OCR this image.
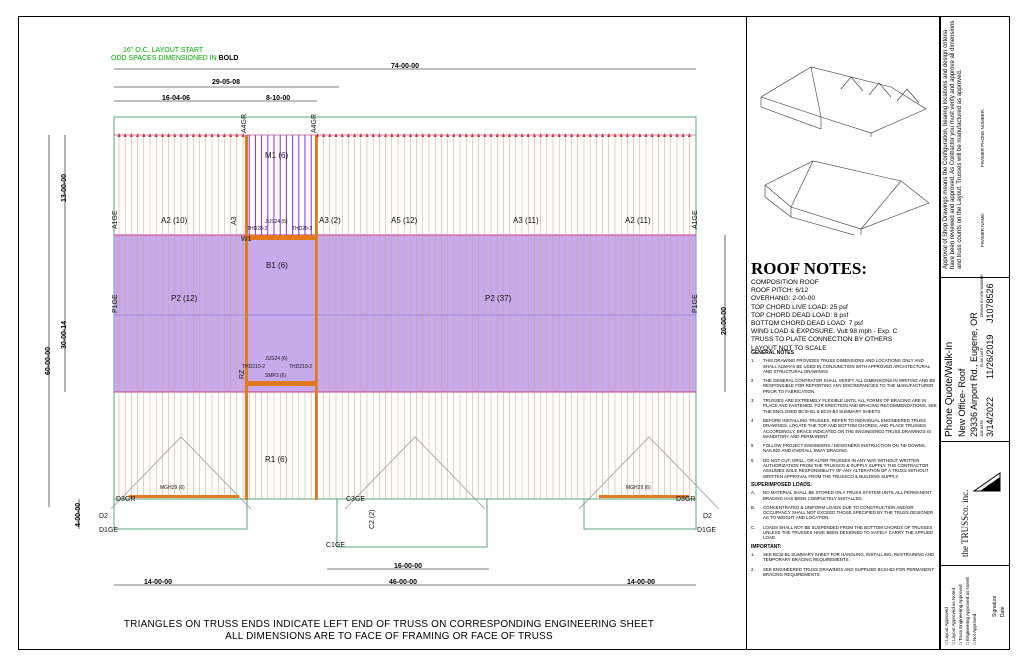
16" O.C. LAYOUT START
ODD SPACES DIMENSIONED IN BOLD
74-00-00
29-05-08
16-04-06	8-10-00
60-00-00
13-00-00
30-00-14
4-00-00
20-00-00
14-00-00	46-00-00	14-00-00
16-00-00
A1GE	A1GE
A4GR	A4GR
M1 (6)
A2 (10)	A3	A3 (2)	A5 (12)	A3 (11)	A2 (11)
JUS24 (6)
THD28-2	THD28-2
W1
B1 (6)
P1GE	P1GE
P2 (12)	P2 (37)
JUS24 (6)
THD210-2	THD210-2
SMP3 (6)
RZ
R1 (6)
MGH29 (6)	MGH29 (6)
D3GR	D3GR
D2	D2
D1GE	D1GE
C3GE
C2 (2)
C1GE
TRIANGLES ON TRUSS ENDS INDICATE LEFT END OF TRUSS ON CORRESPONDING ENGINEERING SHEET
ALL DIMENSIONS ARE TO FACE OF FRAMING OR FACE OF TRUSS
ROOF NOTES:
COMPOSITION ROOF
ROOF PITCH: 6/12
OVERHANG: 2-00-00
TOP CHORD LIVE LOAD: 25 psf
TOP CHORD DEAD LOAD: 8 psf
BOTTOM CHORD DEAD LOAD: 7 psf
WIND LOAD & EXPOSURE: Vult 98 mph - Exp. C
TRUSS TO PLATE CONNECTION BY OTHERS
LAYOUT NOT TO SCALE
GENERAL NOTES
1	THIS DRAWING PROVIDES TRUSS DIMENSIONS AND LOCATIONS ONLY AND SHALL ALWAYS BE USED IN CONJUNCTION WITH APPROVED ARCHITECTURAL AND STRUCTURAL DRAWINGS
2	THE GENERAL CONTRATOR SHALL VERIFY ALL DIMENSIONS IN WRITING AND BE RESPONSIBLE FOR REPORTING ANY DISCREPANCIES TO THE MANUFACTURER PRIOR TO FABRICATION.
3	TRUSSES ARE EXTREMELY FLEXIBLE UNTIL ALL FORMS OF BRACING ARE IN PLACE AND FASTENED. FOR ERECTION AND BRACING RECOMMENDATIONS, SEE THE ENCLOSED BCSI-B1 & BCSI-B3 SUMMARY SHEETS.
4	BEFORE INSTALLING TRUSSES, REFER TO INDIVIDUAL ENGINEERED TRUSS DRAWINGS. LOCATE THE TOP AND BOTTOM CHORDS, AND PLACE TRUSSES ACCORDINGLY. BRACE INDICATED ON THE ENGINEERED TRUSS DRAWINGS IS MANDITORY AND PERMANENT.
5	FOLLOW PROJECT ENGINEERS / DESIGNERS INSTRUCTION ON TIE DOWNS, NAILING AND OVERALL SWAY BRACING.
6	DO NOT CUT, DRILL, OR ALTER TRUSSES IN ANY WAY WITHOUT WRITTEN AUTHORIZATION FROM THE TRUSSCO & SUPPLY SUPPLY. THE CONTRACTOR ASSUMES SOLE RESPONSIBILITY OF ANY ALTERATION OF A TRUSS WITHOUT WRITTEN APPROVAL FROM THE TRUSSCO & BUILDING SUPPLY.
SUPERIMPOSED LOADS:
A.	NO MATERIAL SHALL BE STORED ON A TRUSS SYSTEM UNTIL ALL PERMANENT BRACING HAS BEEN COMPLETELY INSTALLED.
B.	CONCENTRATED & UNIFORM LOADS DUE TO CONSTRUCTION AND/OR OCCUPANCY SHALL NOT EXCEED THOSE SPECIFIED BY THE TRUSS DESIGNER AS TO WEIGHT AND LOCATION.
C.	LOADS SHALL NOT BE SUSPENDED FROM THE BOTTOM CHORDS OF TRUSSES UNLESS THE TRUSSES HAVE BEEN DESIGNED TO SAFELY CARRY THE APPLIED LOAD.
IMPORTANT:
1.	SEE BCSI-B1 SUMMARY SHEET FOR HANDLING, INSTALLING, RESTRAINING AND TEMPORARY BRACING REQUIREMENTS.
2.	SEE ENGINEERED TRUSS DRAWINGS AND SUPPLIED BCSI-B3 FOR PERMANENT BRACING REQUIREMENTS.
Approval of Shop Drawings means the Configuration, bearing locations and design criteria have been reviewed and approved. As Contractor you must verify and approve all dimensions and truss counts on the Layout. Trusses will be manufactured as approved.	FRAMER PHONE NUMBER:
FRAMER NAME:
Phone Quote/Walk-In New Office- Roof 29336 Airport Rd., Eugene, OR JOB DATE:
PLAN DATE:
DRAWN BY/JOB NUMBER
3/14/2022
11/26/2019
J1078526
the TRUSSco. inc.
□ Layout Approved □ Layout Approved as Noted □ Truss Engineering Approved □ Engineering Approved as Noted □ Not Approved
Signature Date
